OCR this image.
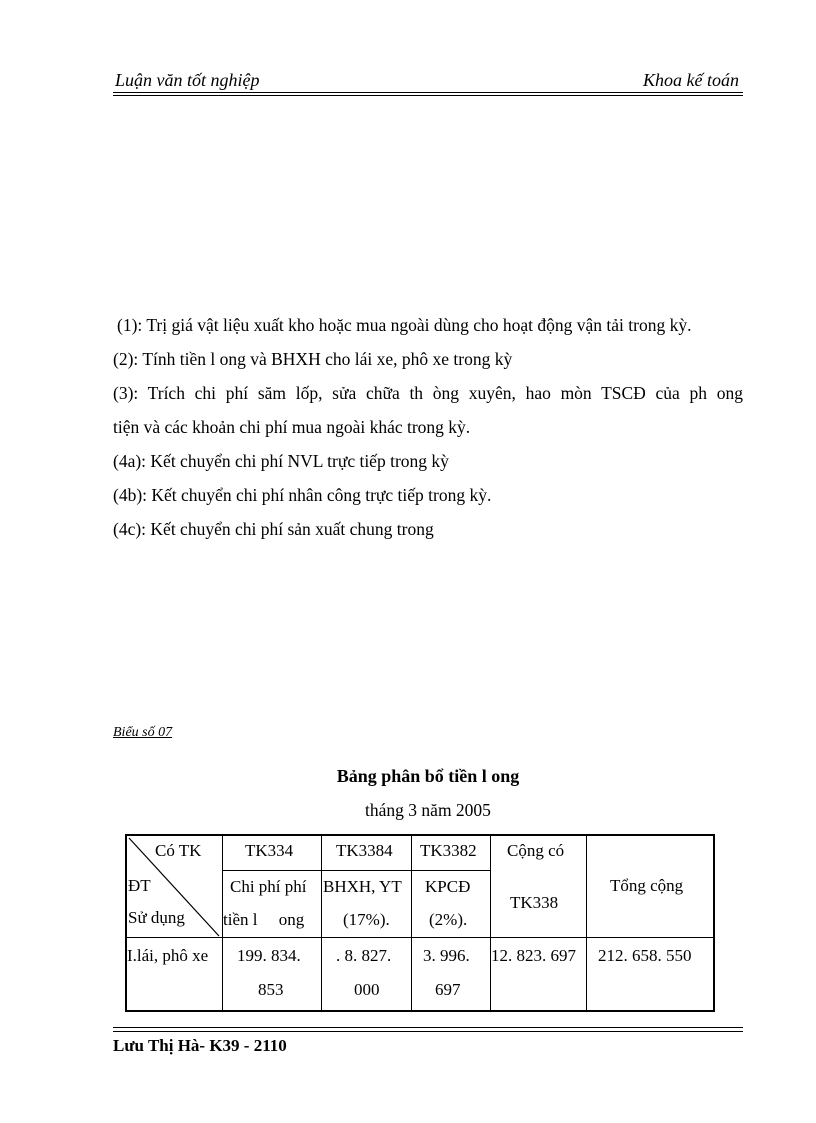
Luận văn tốt nghiệp	Khoa kế toán

(1): Trị giá vật liệu xuất kho hoặc mua ngoài dùng cho hoạt động vận tải trong kỳ.

(2): Tính tiền l ong và BHXH cho lái xe, phô xe trong kỳ

(3): Trích chi phí săm lốp, sửa chữa th òng xuyên, hao mòn TSCĐ của ph ong

tiện và các khoản chi phí mua ngoài khác trong kỳ.

(4a): Kết chuyển chi phí NVL trực tiếp trong kỳ

(4b): Kết chuyển chi phí nhân công trực tiếp trong kỳ.

(4c): Kết chuyển chi phí sản xuất chung trong

Biểu số 07
Bảng phân bổ tiền l ong
tháng 3 năm 2005
Có TK
ĐT
Sử dụng
TK334
Chi phí phí
tiền l     ong
TK3384
BHXH, YT
(17%).
TK3382
KPCĐ
(2%).
Cộng có
TK338
Tổng cộng
I.lái, phô xe 199. 834.
853
. 8. 827.
000
3. 996.
697
12. 823. 697 212. 658. 550
Lưu Thị Hà- K39 - 2110
